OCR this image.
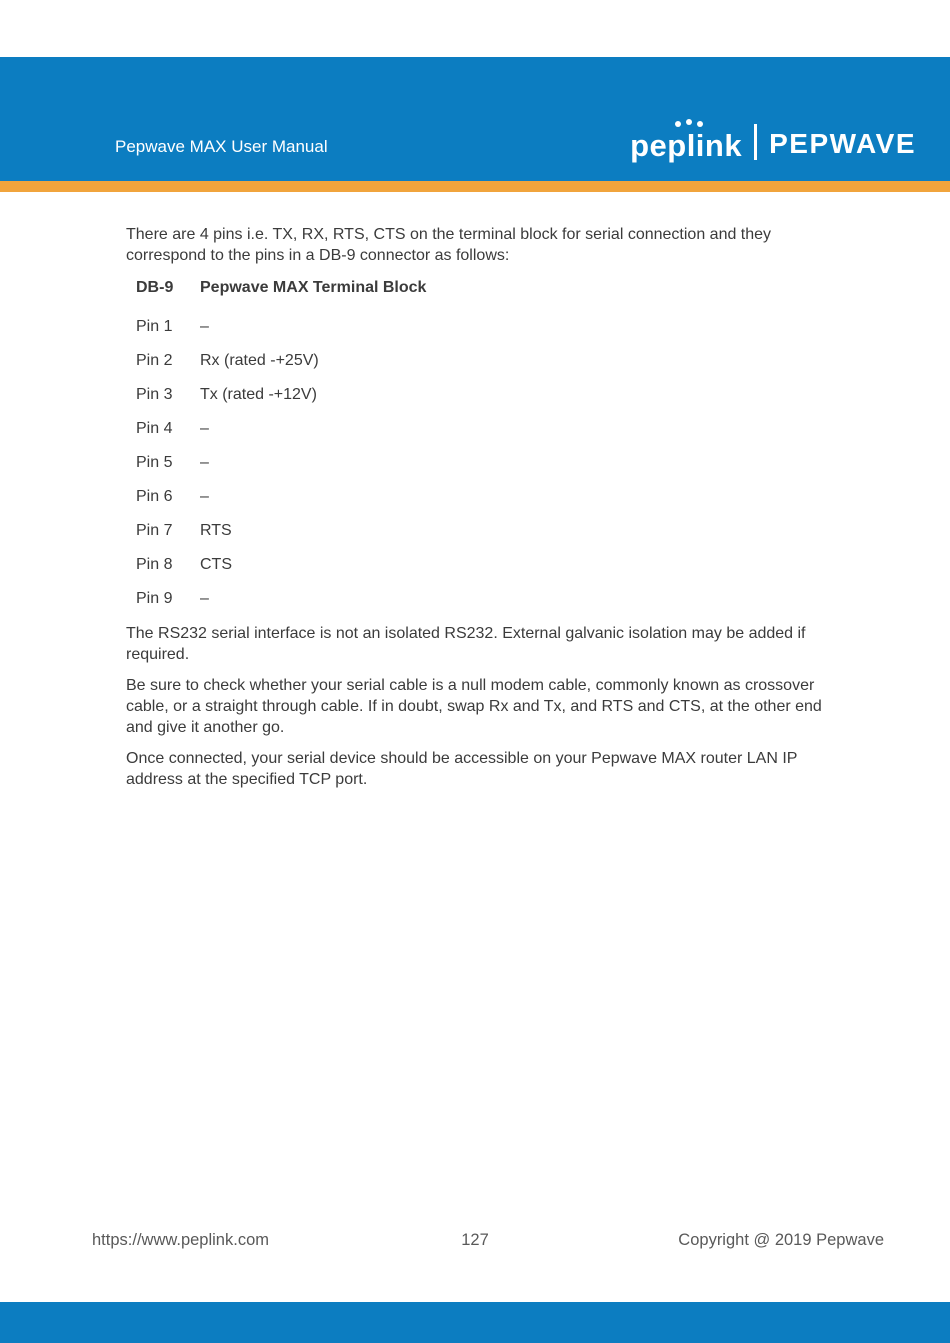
Pepwave MAX User Manual	peplink PEPWAVE

There are 4 pins i.e. TX, RX, RTS, CTS on the terminal block for serial connection and they correspond to the pins in a DB-9 connector as follows:

DB-9	Pepwave MAX Terminal Block
Pin 1	–
Pin 2	Rx (rated -+25V)
Pin 3	Tx (rated -+12V)
Pin 4	–
Pin 5	–
Pin 6	–
Pin 7	RTS
Pin 8	CTS
Pin 9	–

The RS232 serial interface is not an isolated RS232. External galvanic isolation may be added if required.

Be sure to check whether your serial cable is a null modem cable, commonly known as crossover cable, or a straight through cable. If in doubt, swap Rx and Tx, and RTS and CTS, at the other end and give it another go.

Once connected, your serial device should be accessible on your Pepwave MAX router LAN IP address at the specified TCP port.

127
https://www.peplink.com	Copyright @ 2019 Pepwave
